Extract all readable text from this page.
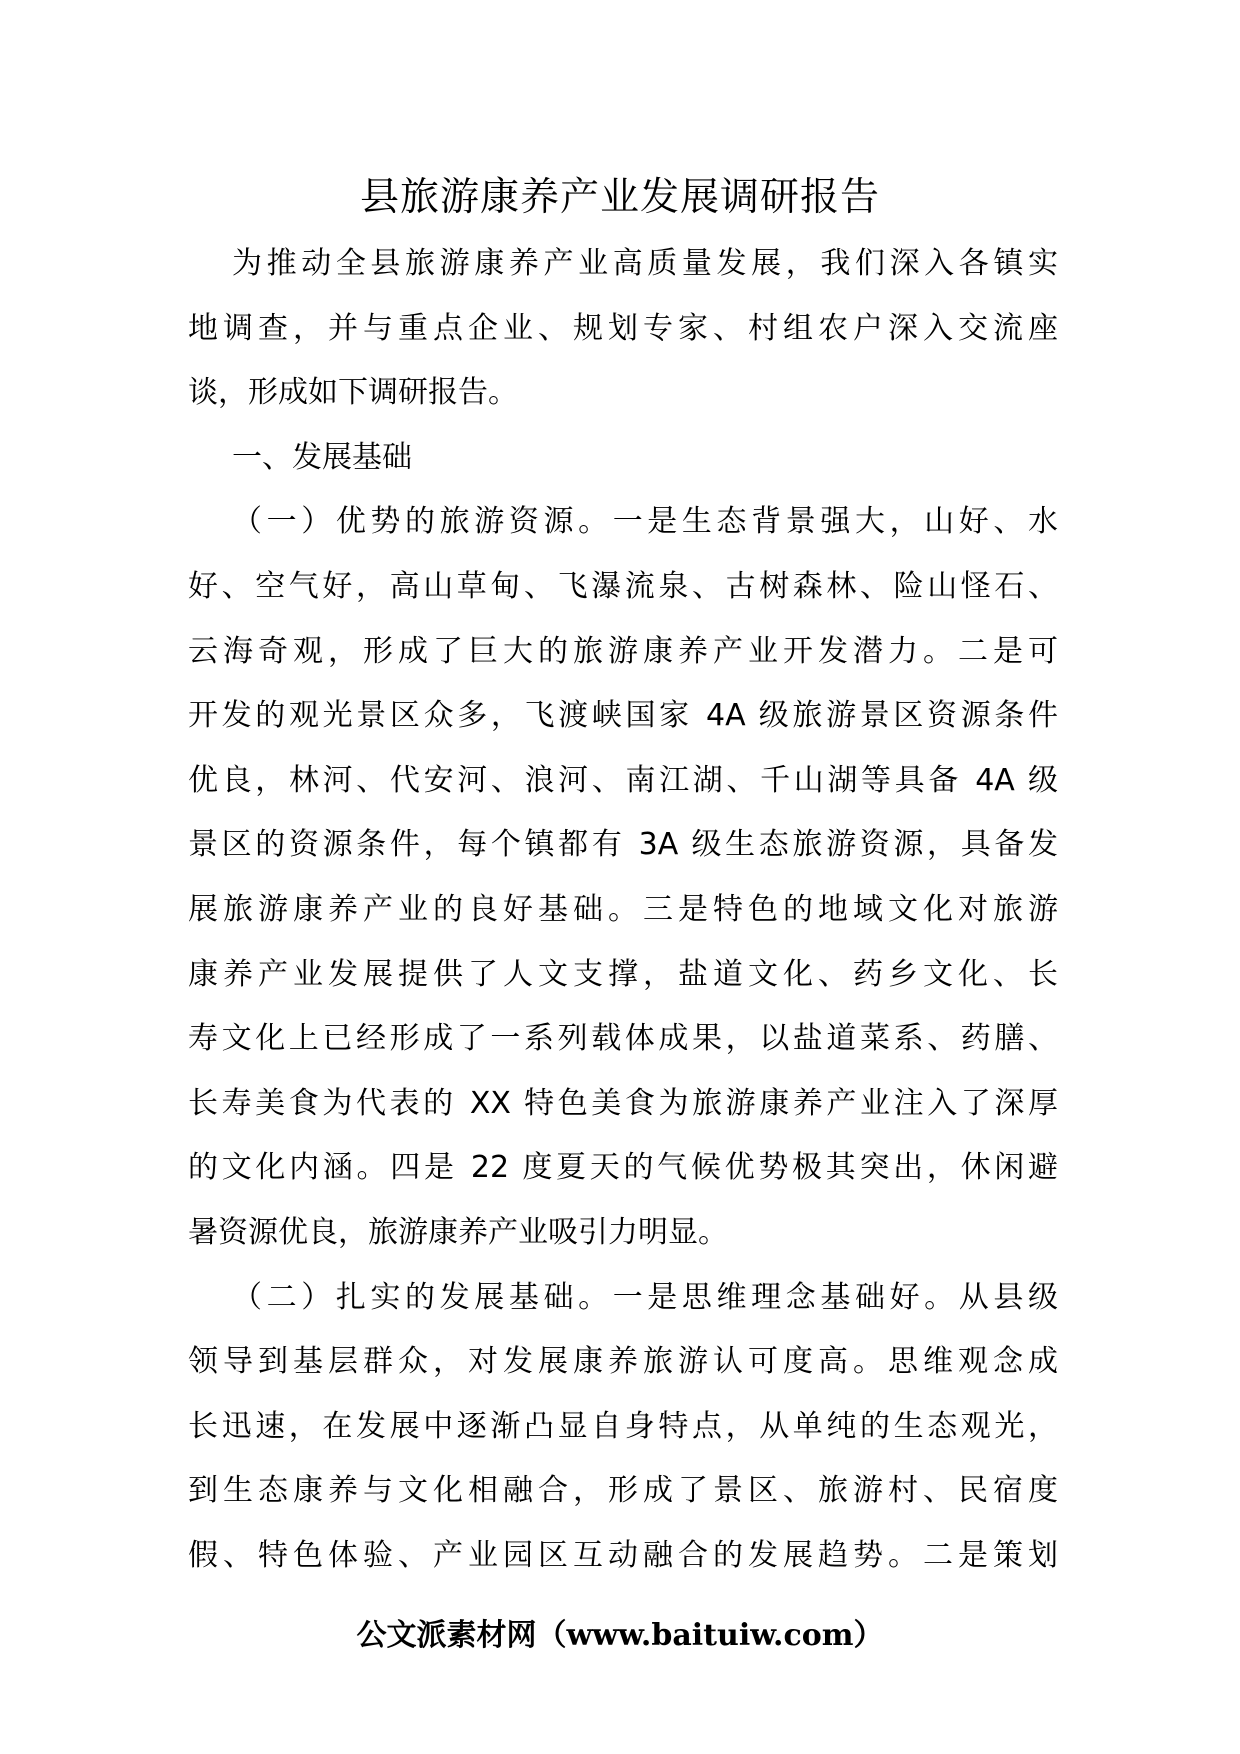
县旅游康养产业发展调研报告
为推动全县旅游康养产业高质量发展，我们深入各镇实
地调查，并与重点企业、规划专家、村组农户深入交流座
谈，形成如下调研报告。
一、发展基础
（一）优势的旅游资源。一是生态背景强大，山好、水
好、空气好，高山草甸、飞瀑流泉、古树森林、险山怪石、
云海奇观，形成了巨大的旅游康养产业开发潜力。二是可
开发的观光景区众多，飞渡峡国家 4A 级旅游景区资源条件
优良，林河、代安河、浪河、南江湖、千山湖等具备 4A 级
景区的资源条件，每个镇都有 3A 级生态旅游资源，具备发
展旅游康养产业的良好基础。三是特色的地域文化对旅游
康养产业发展提供了人文支撑，盐道文化、药乡文化、长
寿文化上已经形成了一系列载体成果，以盐道菜系、药膳、
长寿美食为代表的 XX 特色美食为旅游康养产业注入了深厚
的文化内涵。四是 22 度夏天的气候优势极其突出，休闲避
暑资源优良，旅游康养产业吸引力明显。
（二）扎实的发展基础。一是思维理念基础好。从县级
领导到基层群众，对发展康养旅游认可度高。思维观念成
长迅速，在发展中逐渐凸显自身特点，从单纯的生态观光，
到生态康养与文化相融合，形成了景区、旅游村、民宿度
假、特色体验、产业园区互动融合的发展趋势。二是策划
公文派素材网（www.baituiw.com）
